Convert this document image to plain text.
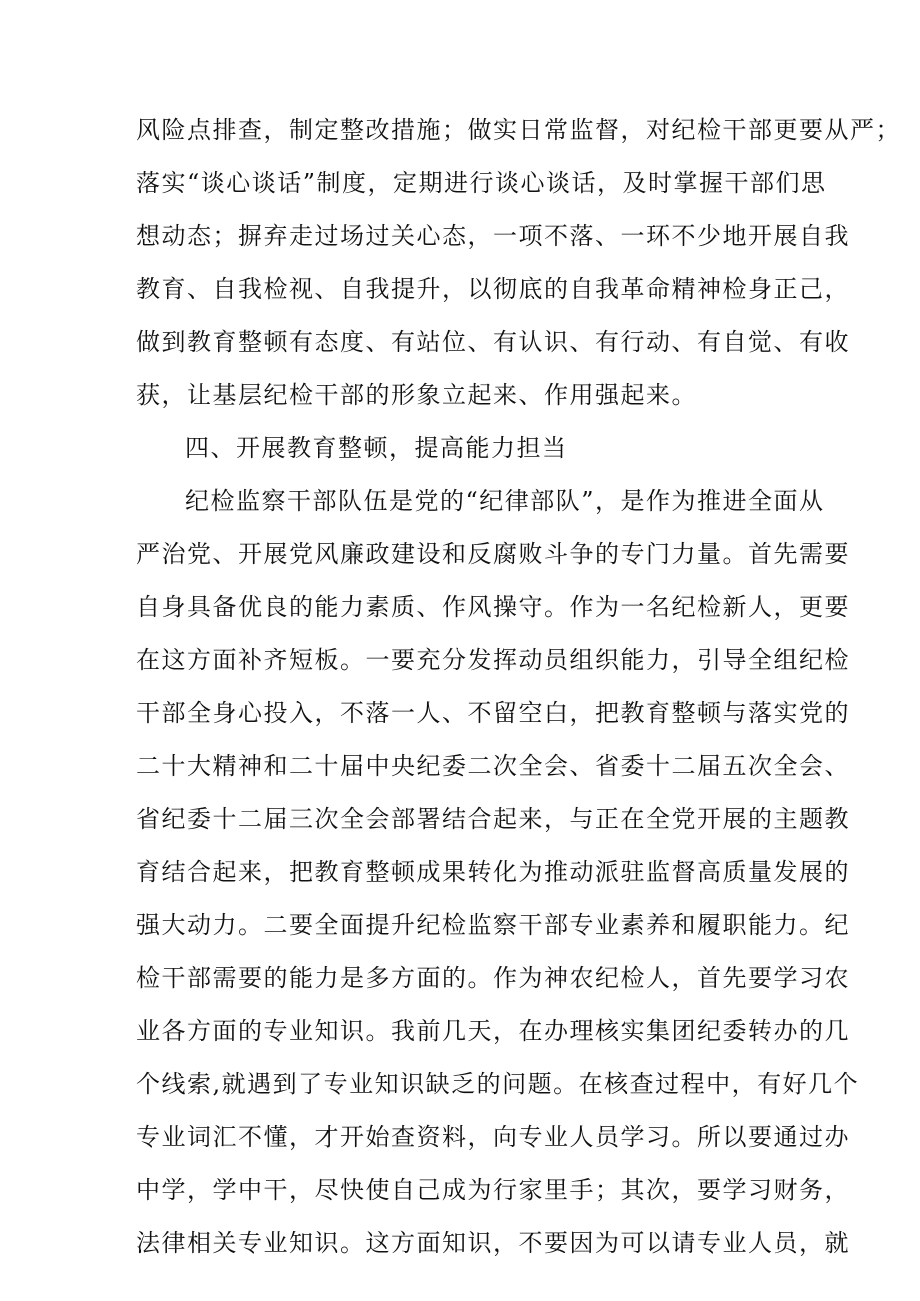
风险点排查，制定整改措施；做实日常监督，对纪检干部更要从严；
落实“谈心谈话”制度，定期进行谈心谈话，及时掌握干部们思
想动态；摒弃走过场过关心态，一项不落、一环不少地开展自我
教育、自我检视、自我提升，以彻底的自我革命精神检身正己，
做到教育整顿有态度、有站位、有认识、有行动、有自觉、有收
获，让基层纪检干部的形象立起来、作用强起来。
四、开展教育整顿，提高能力担当
纪检监察干部队伍是党的“纪律部队”，是作为推进全面从
严治党、开展党风廉政建设和反腐败斗争的专门力量。首先需要
自身具备优良的能力素质、作风操守。作为一名纪检新人，更要
在这方面补齐短板。一要充分发挥动员组织能力，引导全组纪检
干部全身心投入，不落一人、不留空白，把教育整顿与落实党的
二十大精神和二十届中央纪委二次全会、省委十二届五次全会、
省纪委十二届三次全会部署结合起来，与正在全党开展的主题教
育结合起来，把教育整顿成果转化为推动派驻监督高质量发展的
强大动力。二要全面提升纪检监察干部专业素养和履职能力。纪
检干部需要的能力是多方面的。作为神农纪检人，首先要学习农
业各方面的专业知识。我前几天，在办理核实集团纪委转办的几
个线索,就遇到了专业知识缺乏的问题。在核查过程中，有好几个
专业词汇不懂，才开始查资料，向专业人员学习。所以要通过办
中学，学中干，尽快使自己成为行家里手；其次，要学习财务，
法律相关专业知识。这方面知识，不要因为可以请专业人员，就
